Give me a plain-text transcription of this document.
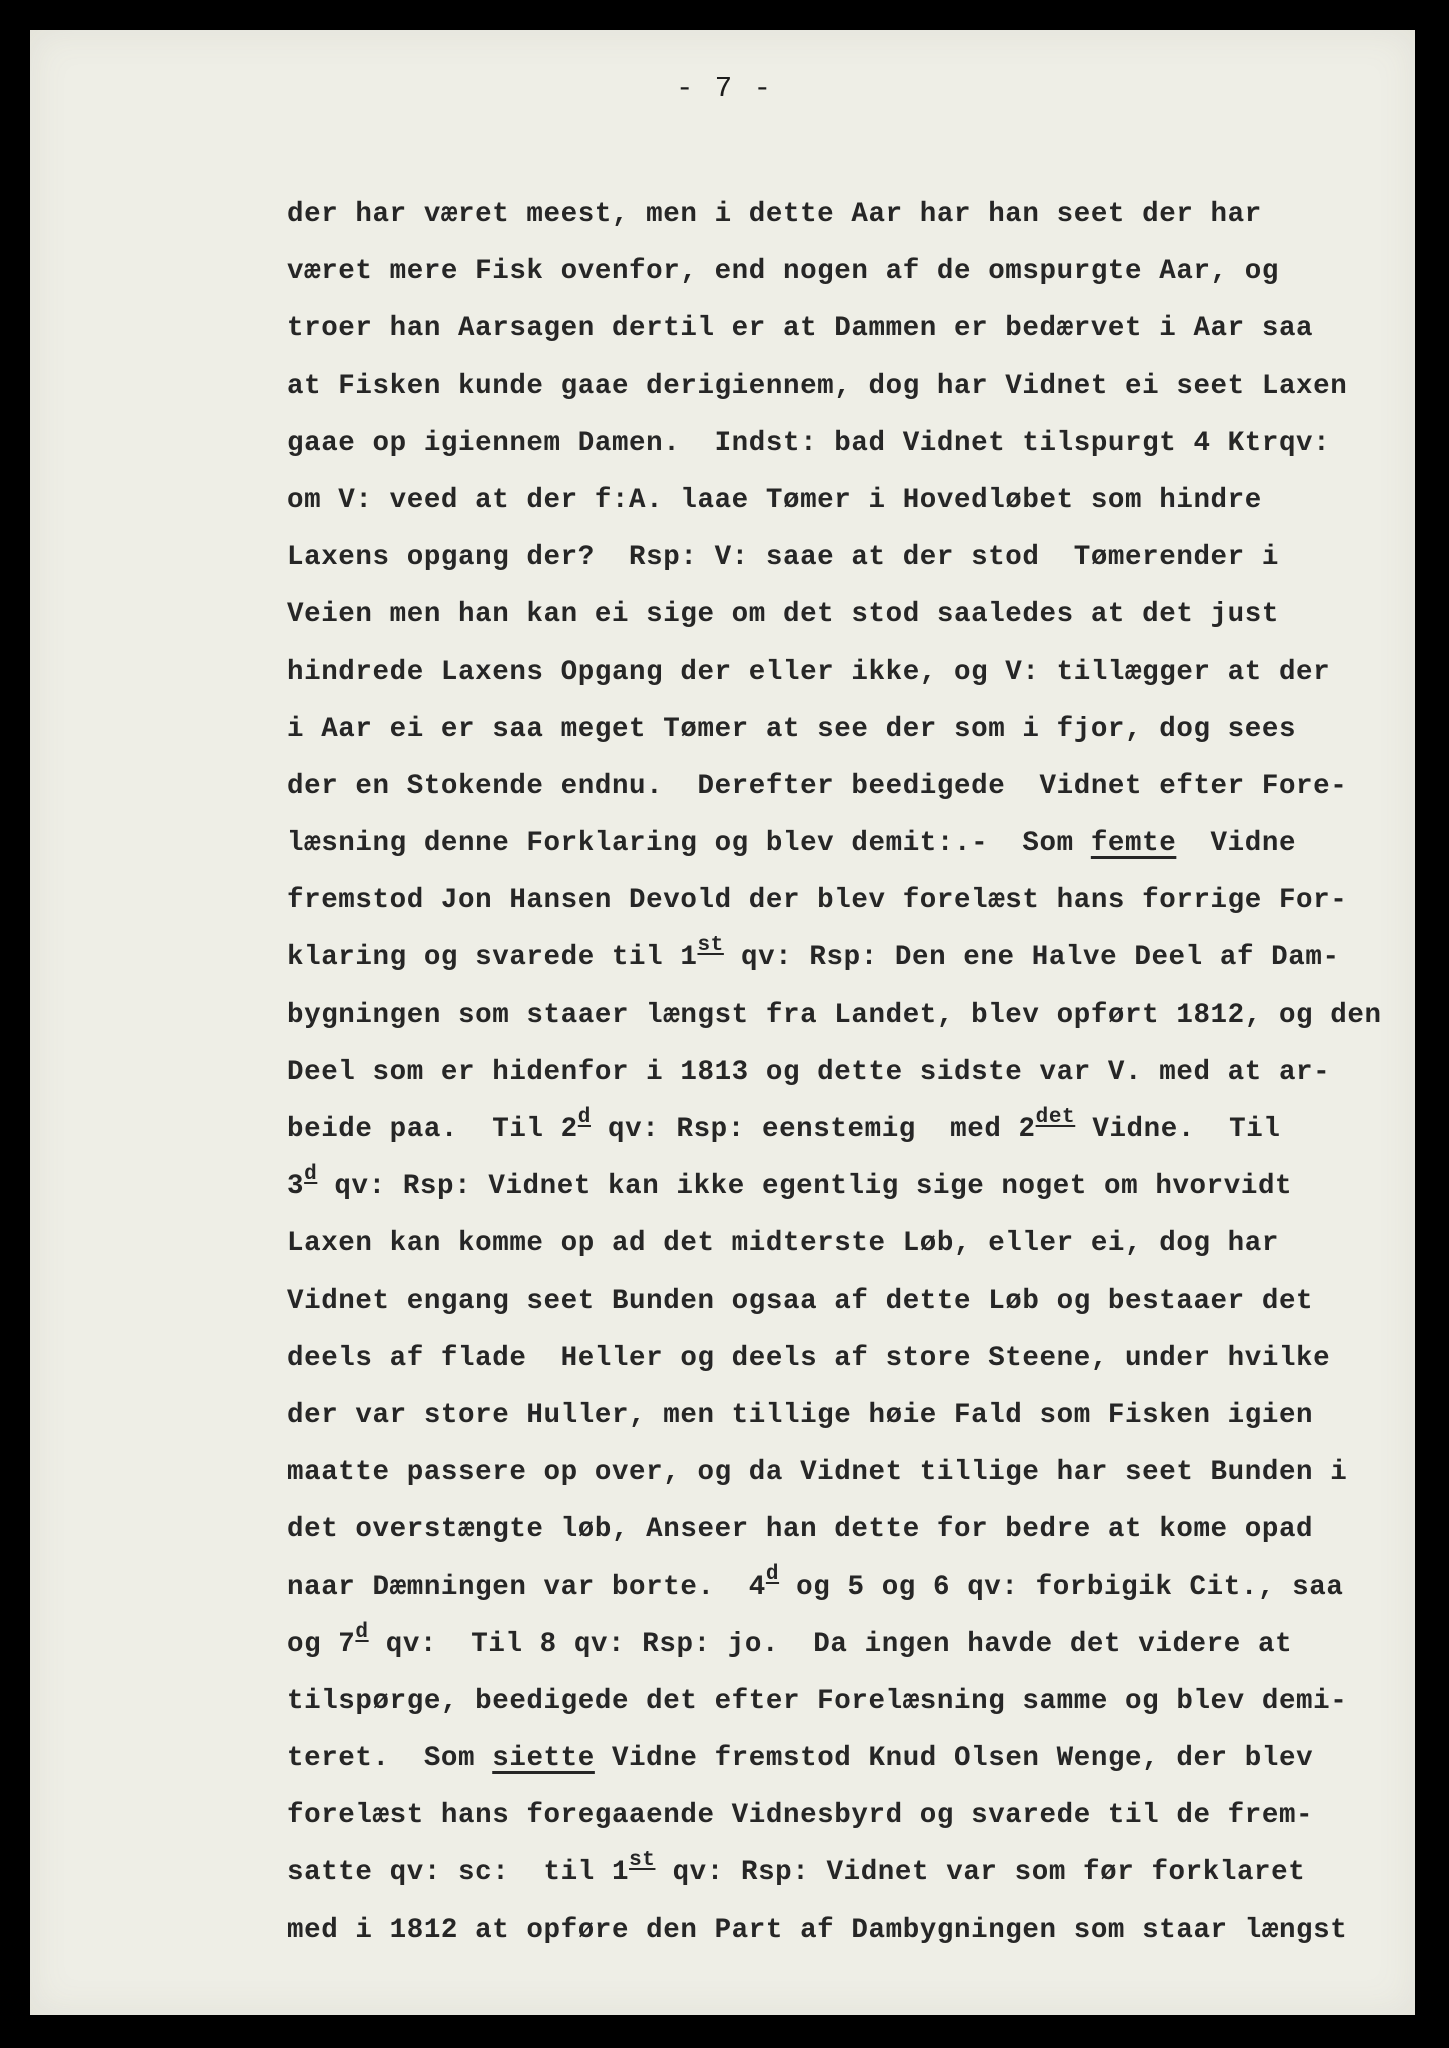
- 7 -
der har været meest, men i dette Aar har han seet der har
været mere Fisk ovenfor, end nogen af de omspurgte Aar, og
troer han Aarsagen dertil er at Dammen er bedærvet i Aar saa
at Fisken kunde gaae derigiennem, dog har Vidnet ei seet Laxen
gaae op igiennem Damen.  Indst: bad Vidnet tilspurgt 4 Ktrqv:
om V: veed at der f:A. laae Tømer i Hovedløbet som hindre
Laxens opgang der?  Rsp: V: saae at der stod  Tømerender i
Veien men han kan ei sige om det stod saaledes at det just
hindrede Laxens Opgang der eller ikke, og V: tillægger at der
i Aar ei er saa meget Tømer at see der som i fjor, dog sees
der en Stokende endnu.  Derefter beedigede  Vidnet efter Fore-
læsning denne Forklaring og blev demit:.-  Som femte  Vidne
fremstod Jon Hansen Devold der blev forelæst hans forrige For-
klaring og svarede til 1st qv: Rsp: Den ene Halve Deel af Dam-
bygningen som staaer længst fra Landet, blev opført 1812, og den
Deel som er hidenfor i 1813 og dette sidste var V. med at ar-
beide paa.  Til 2$^d$ qv: Rsp: eenstemig  med $2^{det}$ Vidne.  Til
3$^d$ qv: Rsp: Vidnet kan ikke egentlig sige noget om hvorvidt
Laxen kan komme op ad det midterste Løb, eller ei, dog har
Vidnet engang seet Bunden ogsaa af dette Løb og bestaaer det
deels af flade  Heller og deels af store Steene, under hvilke
der var store Huller, men tillige høie Fald som Fisken igien
maatte passere op over, og da Vidnet tillige har seet Bunden i
det overstængte løb, Anseer han dette for bedre at kome opad
naar Dæmningen var borte.  4$^d$ og 5 og 6 qv: forbigik Cit., saa
og 7$^d$ qv:  Til 8 qv: Rsp: jo.  Da ingen havde det videre at
tilspørge, beedigede det efter Forelæsning samme og blev demi-
teret.  Som siette Vidne fremstod Knud Olsen Wenge, der blev
forelæst hans foregaaende Vidnesbyrd og svarede til de frem-
satte qv: sc:  til 1st qv: Rsp: Vidnet var som før forklaret
med i 1812 at opføre den Part af Dambygningen som staar længst
